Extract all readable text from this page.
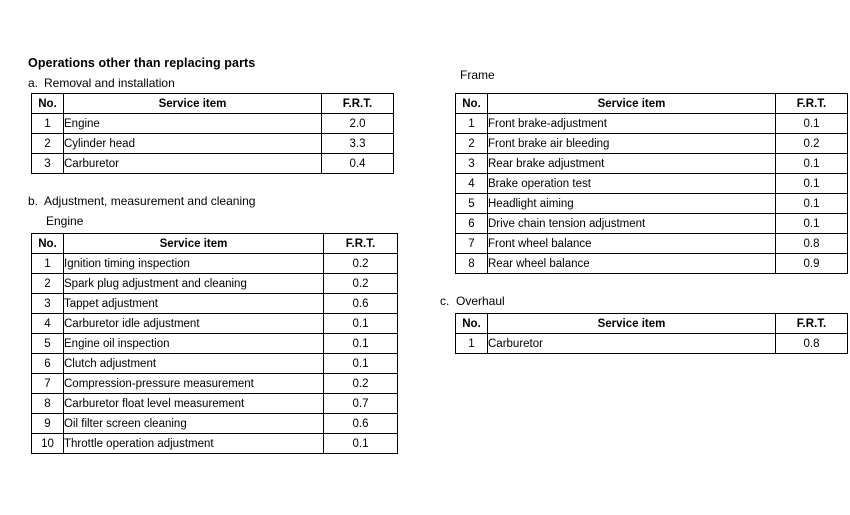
Operations other than replacing parts
a. Removal and installation
No.	Service item	F.R.T.
1	Engine	2.0
2	Cylinder head	3.3
3	Carburetor	0.4
b. Adjustment, measurement and cleaning
Engine
No.	Service item	F.R.T.
1	Ignition timing inspection	0.2
2	Spark plug adjustment and cleaning	0.2
3	Tappet adjustment	0.6
4	Carburetor idle adjustment	0.1
5	Engine oil inspection	0.1
6	Clutch adjustment	0.1
7	Compression-pressure measurement	0.2
8	Carburetor float level measurement	0.7
9	Oil filter screen cleaning	0.6
10	Throttle operation adjustment	0.1
Frame
No.	Service item	F.R.T.
1	Front brake-adjustment	0.1
2	Front brake air bleeding	0.2
3	Rear brake adjustment	0.1
4	Brake operation test	0.1
5	Headlight aiming	0.1
6	Drive chain tension adjustment	0.1
7	Front wheel balance	0.8
8	Rear wheel balance	0.9
c. Overhaul
No.	Service item	F.R.T.
1	Carburetor	0.8
